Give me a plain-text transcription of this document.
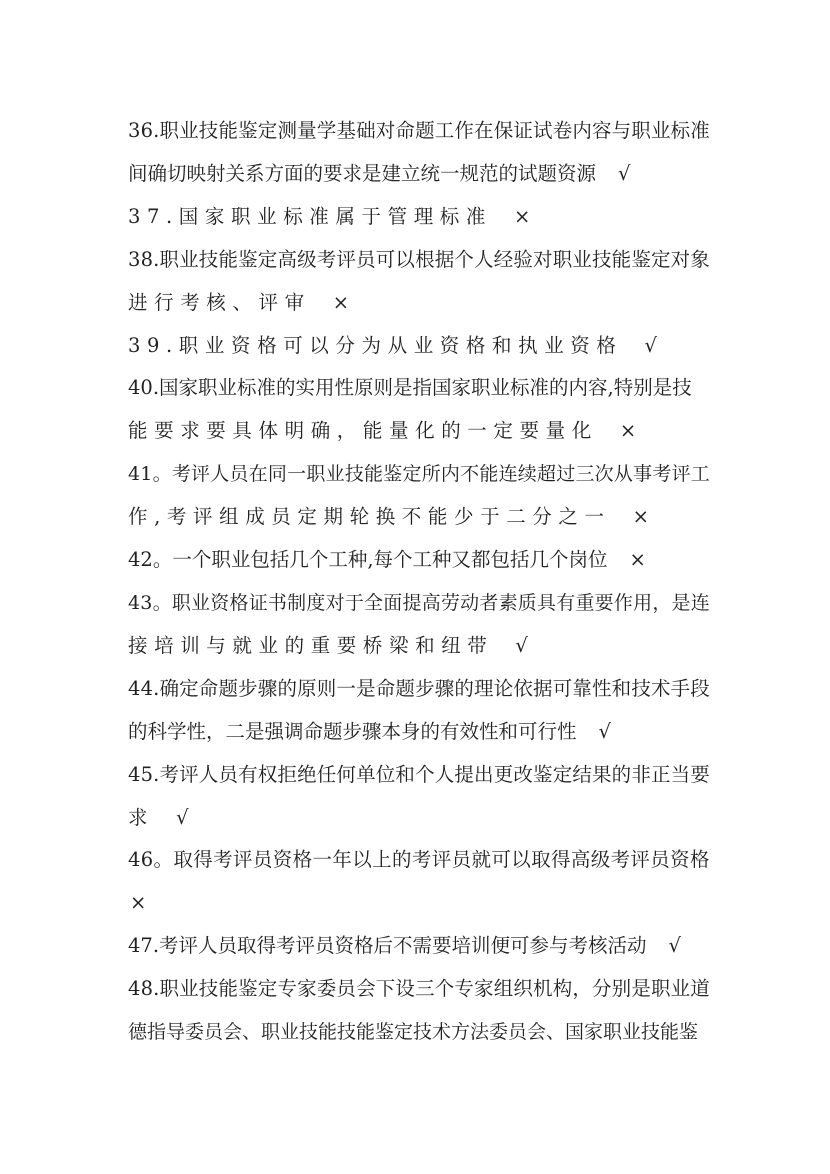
36.职业技能鉴定测量学基础对命题工作在保证试卷内容与职业标准
间确切映射关系方面的要求是建立统一规范的试题资源 √
37.国家职业标准属于管理标准 ×
38.职业技能鉴定高级考评员可以根据个人经验对职业技能鉴定对象
进行考核、评审 ×
39.职业资格可以分为从业资格和执业资格 √
40.国家职业标准的实用性原则是指国家职业标准的内容,特别是技
能要求要具体明确，能量化的一定要量化 ×
41。考评人员在同一职业技能鉴定所内不能连续超过三次从事考评工
作,考评组成员定期轮换不能少于二分之一 ×
42。一个职业包括几个工种,每个工种又都包括几个岗位 ×
43。职业资格证书制度对于全面提高劳动者素质具有重要作用，是连
接培训与就业的重要桥梁和纽带 √
44.确定命题步骤的原则一是命题步骤的理论依据可靠性和技术手段
的科学性，二是强调命题步骤本身的有效性和可行性 √
45.考评人员有权拒绝任何单位和个人提出更改鉴定结果的非正当要
求 √
46。取得考评员资格一年以上的考评员就可以取得高级考评员资格
×
47.考评人员取得考评员资格后不需要培训便可参与考核活动 √
48.职业技能鉴定专家委员会下设三个专家组织机构，分别是职业道
德指导委员会、职业技能技能鉴定技术方法委员会、国家职业技能鉴
